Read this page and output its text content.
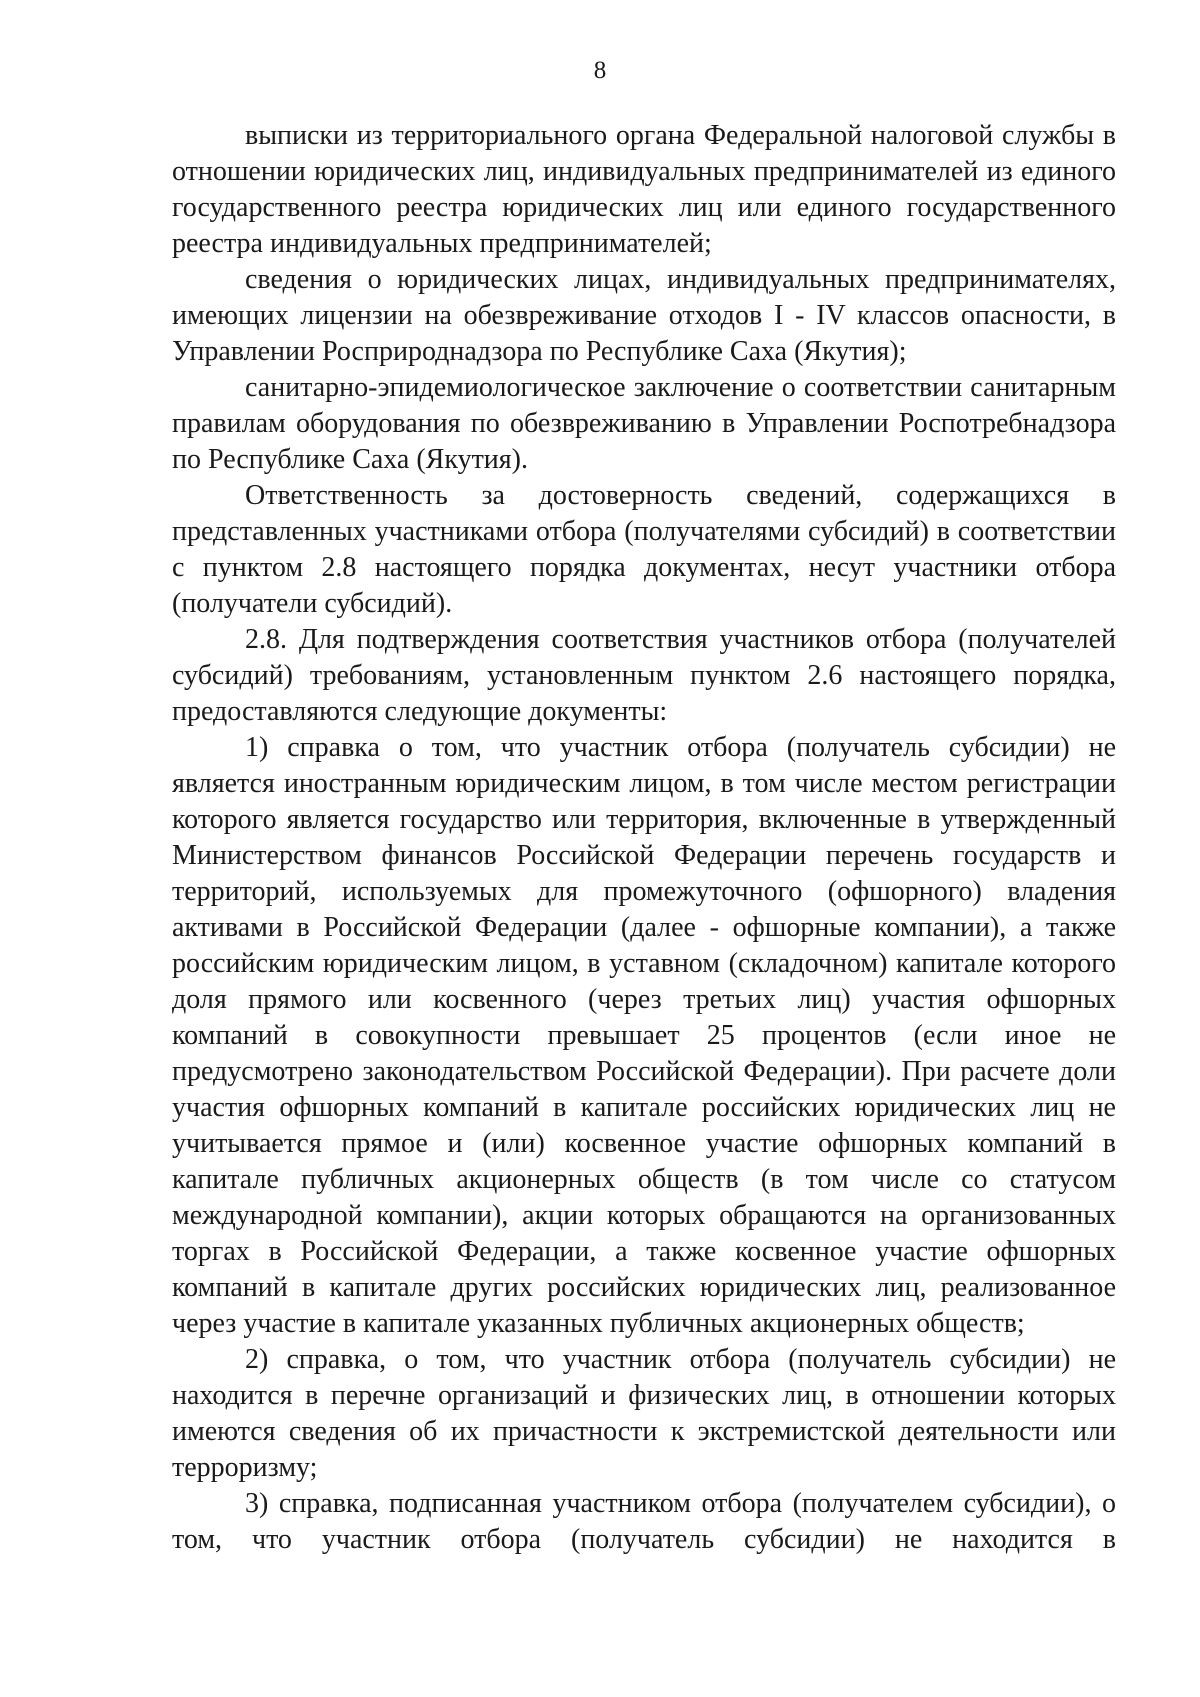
8

выписки из территориального органа Федеральной налоговой службы в отношении юридических лиц, индивидуальных предпринимателей из единого государственного реестра юридических лиц или единого государственного реестра индивидуальных предпринимателей;

сведения о юридических лицах, индивидуальных предпринимателях, имеющих лицензии на обезвреживание отходов I - IV классов опасности, в Управлении Росприроднадзора по Республике Саха (Якутия);

санитарно-эпидемиологическое заключение о соответствии санитарным правилам оборудования по обезвреживанию в Управлении Роспотребнадзора по Республике Саха (Якутия).

Ответственность за достоверность сведений, содержащихся в представленных участниками отбора (получателями субсидий) в соответствии с пунктом 2.8 настоящего порядка документах, несут участники отбора (получатели субсидий).

2.8. Для подтверждения соответствия участников отбора (получателей субсидий) требованиям, установленным пунктом 2.6 настоящего порядка, предоставляются следующие документы:

1) справка о том, что участник отбора (получатель субсидии) не является иностранным юридическим лицом, в том числе местом регистрации которого является государство или территория, включенные в утвержденный Министерством финансов Российской Федерации перечень государств и территорий, используемых для промежуточного (офшорного) владения активами в Российской Федерации (далее - офшорные компании), а также российским юридическим лицом, в уставном (складочном) капитале которого доля прямого или косвенного (через третьих лиц) участия офшорных компаний в совокупности превышает 25 процентов (если иное не предусмотрено законодательством Российской Федерации). При расчете доли участия офшорных компаний в капитале российских юридических лиц не учитывается прямое и (или) косвенное участие офшорных компаний в капитале публичных акционерных обществ (в том числе со статусом международной компании), акции которых обращаются на организованных торгах в Российской Федерации, а также косвенное участие офшорных компаний в капитале других российских юридических лиц, реализованное через участие в капитале указанных публичных акционерных обществ;

2) справка, о том, что участник отбора (получатель субсидии) не находится в перечне организаций и физических лиц, в отношении которых имеются сведения об их причастности к экстремистской деятельности или терроризму;

3) справка, подписанная участником отбора (получателем субсидии), о том, что участник отбора (получатель субсидии) не находится в
